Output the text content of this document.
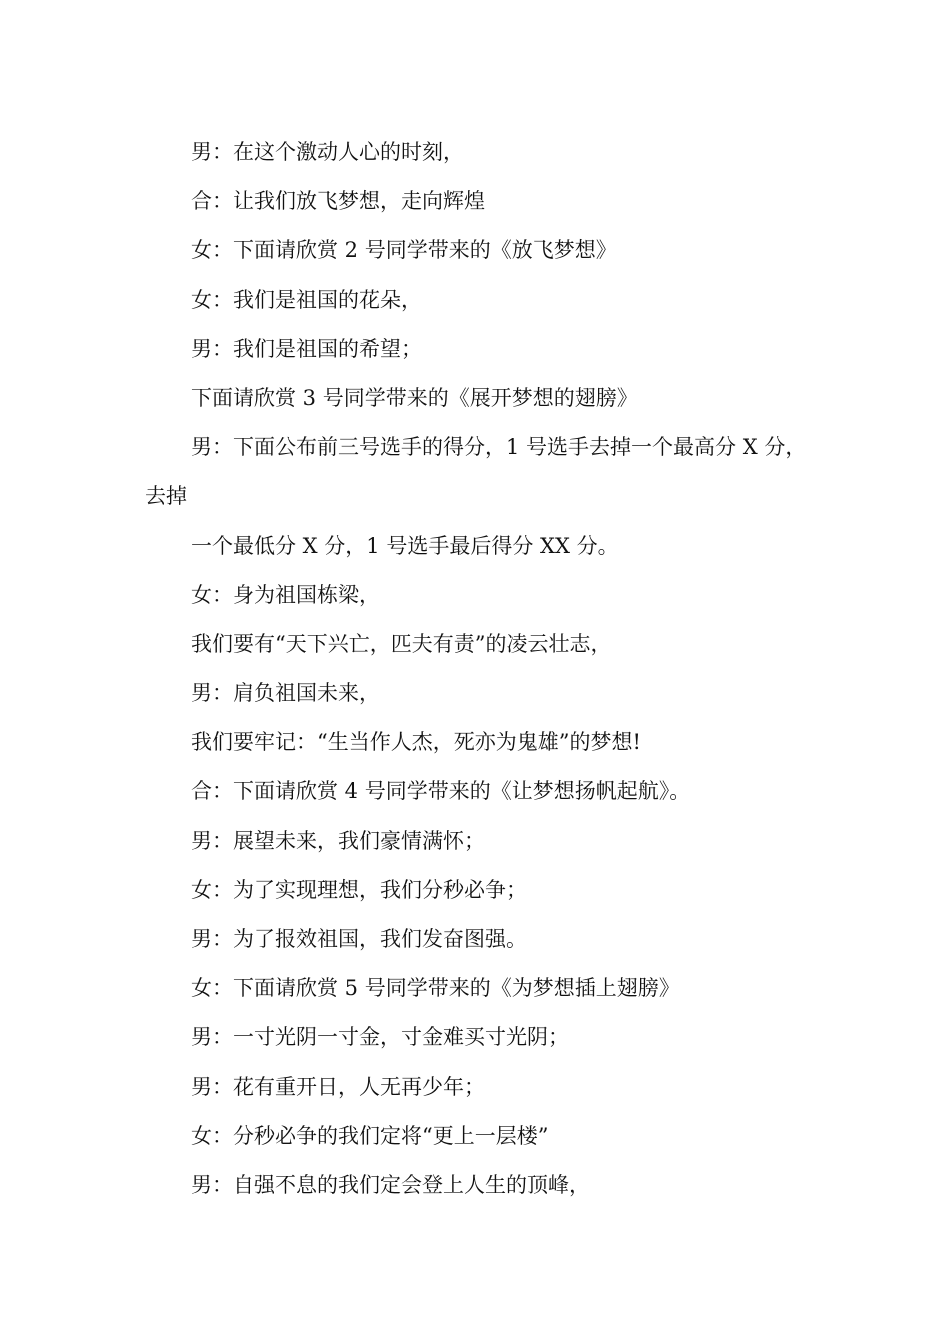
男：在这个激动人心的时刻，

合：让我们放飞梦想，走向辉煌

女：下面请欣赏 2 号同学带来的《放飞梦想》

女：我们是祖国的花朵，

男：我们是祖国的希望；

下面请欣赏 3 号同学带来的《展开梦想的翅膀》

男：下面公布前三号选手的得分，1 号选手去掉一个最高分 X 分，

去掉

一个最低分 X 分，1 号选手最后得分 XX 分。

女：身为祖国栋梁，

我们要有“天下兴亡，匹夫有责”的凌云壮志，

男：肩负祖国未来，

我们要牢记：“生当作人杰，死亦为鬼雄”的梦想!

合：下面请欣赏 4 号同学带来的《让梦想扬帆起航》。

男：展望未来，我们豪情满怀；

女：为了实现理想，我们分秒必争；

男：为了报效祖国，我们发奋图强。

女：下面请欣赏 5 号同学带来的《为梦想插上翅膀》

男：一寸光阴一寸金，寸金难买寸光阴；

男：花有重开日，人无再少年；

女：分秒必争的我们定将“更上一层楼”

男：自强不息的我们定会登上人生的顶峰，
